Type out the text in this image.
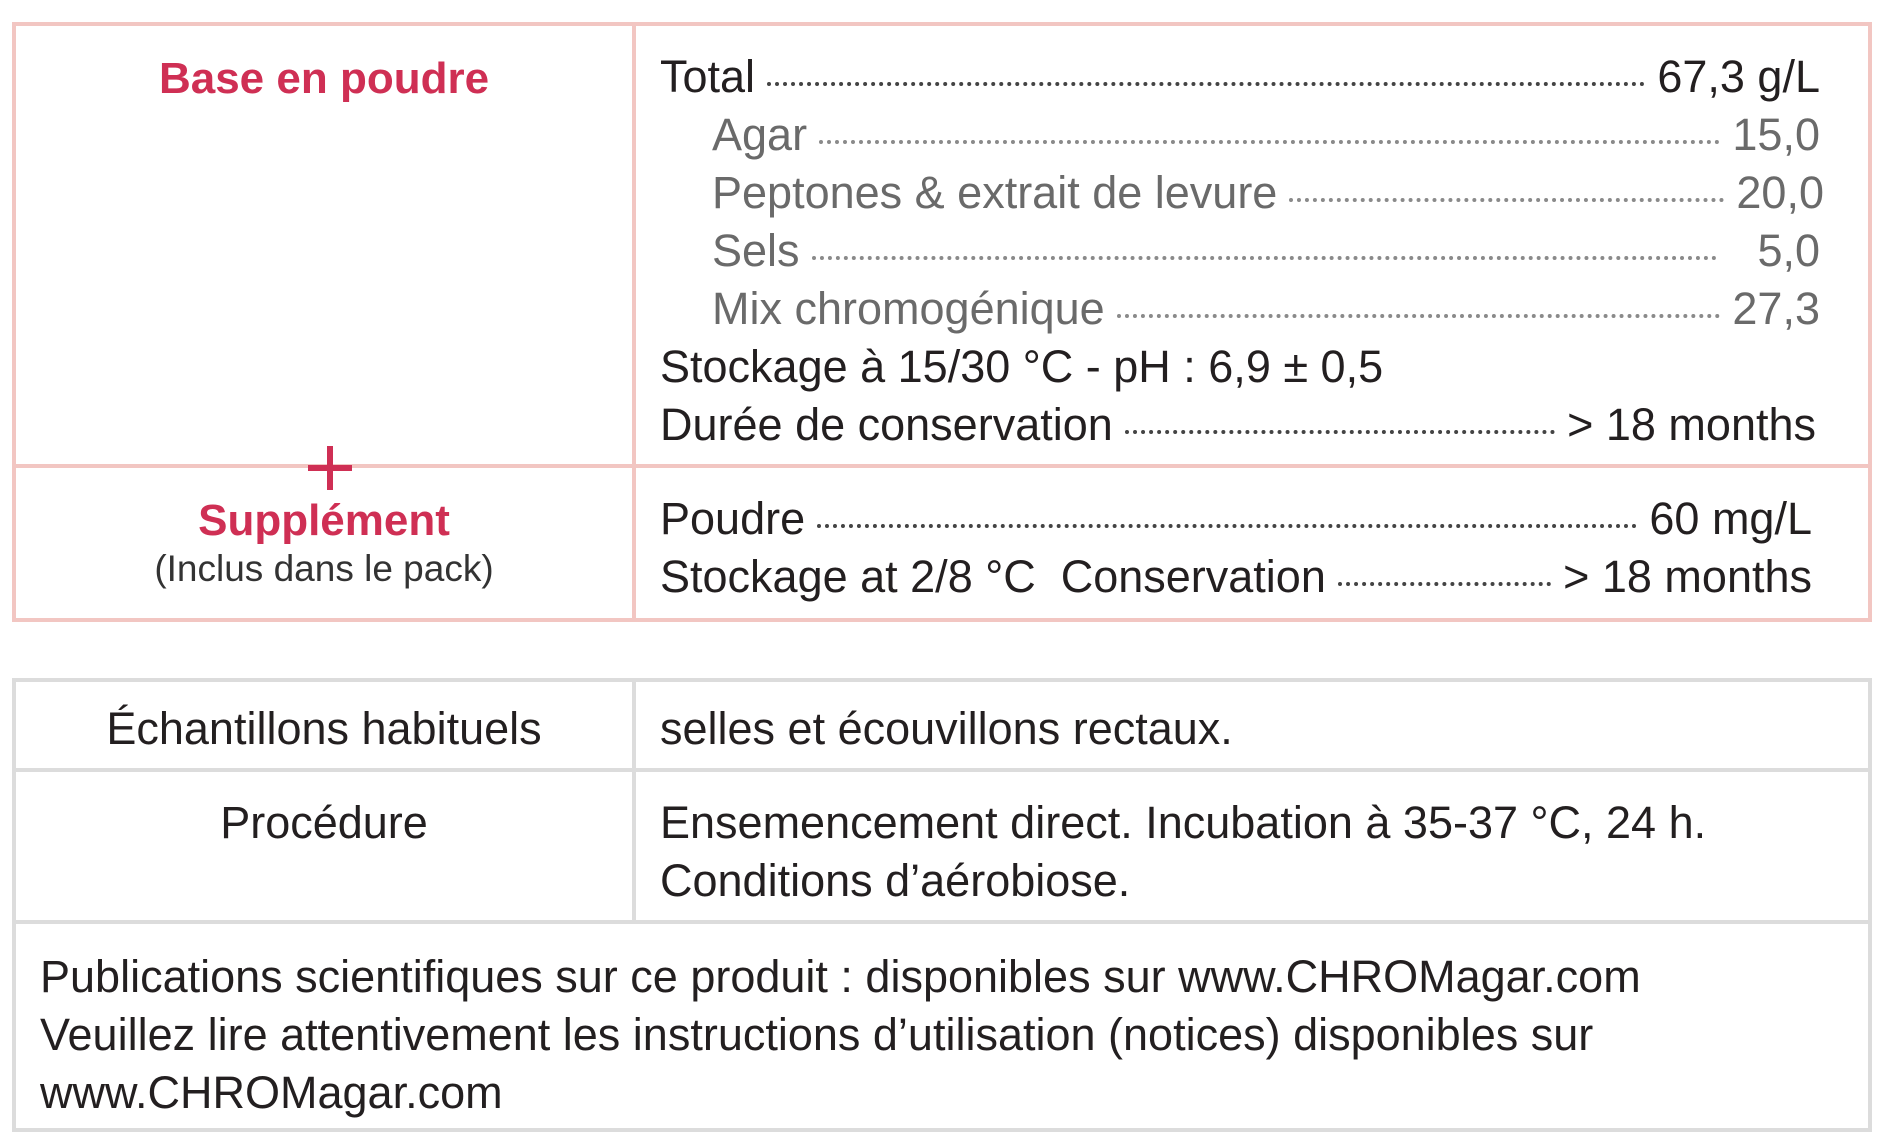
Base en poudre	Total	67,3 g/L
Agar	15,0
Peptones & extrait de levure	20,0
Sels	5,0
Mix chromogénique	27,3
Stockage à 15/30 °C - pH : 6,9 ± 0,5
Durée de conservation	> 18 months
Supplément
(Inclus dans le pack)
Poudre	60 mg/L
Stockage at 2/8 °C  Conservation	> 18 months
Échantillons habituels	selles et écouvillons rectaux.
Procédure	Ensemencement direct. Incubation à 35-37 °C, 24 h.
Conditions d’aérobiose.
Publications scientifiques sur ce produit : disponibles sur www.CHROMagar.com
Veuillez lire attentivement les instructions d’utilisation (notices) disponibles sur
www.CHROMagar.com
